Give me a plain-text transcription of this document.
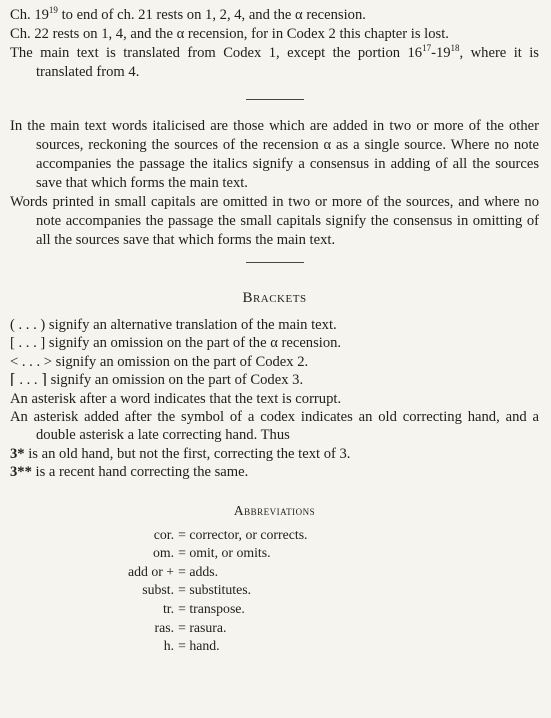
Ch. $19^{19}$ to end of ch. 21 rests on 1, 2, 4, and the α recension.

Ch. 22 rests on 1, 4, and the α recension, for in Codex 2 this chapter is lost.

The main text is translated from Codex 1, except the portion $16^{17}-19^{18}$, where it is translated from 4.

In the main text words italicised are those which are added in two or more of the other sources, reckoning the sources of the recension α as a single source. Where no note accompanies the passage the italics signify a consensus in adding of all the sources save that which forms the main text.

Words printed in small capitals are omitted in two or more of the sources, and where no note accompanies the passage the small capitals signify the consensus in omitting of all the sources save that which forms the main text.

Brackets

( . . . ) signify an alternative translation of the main text.

[ . . . ] signify an omission on the part of the α recension.

< . . . > signify an omission on the part of Codex 2.

⌈ . . . ⌉ signify an omission on the part of Codex 3.

An asterisk after a word indicates that the text is corrupt.

An asterisk added after the symbol of a codex indicates an old correcting hand, and a double asterisk a late correcting hand. Thus

3* is an old hand, but not the first, correcting the text of 3.

3** is a recent hand correcting the same.

Abbreviations
cor.	= corrector, or corrects.
om.	= omit, or omits.
add or +	= adds.
subst.	= substitutes.
tr.	= transpose.
ras.	= rasura.
h.	= hand.
